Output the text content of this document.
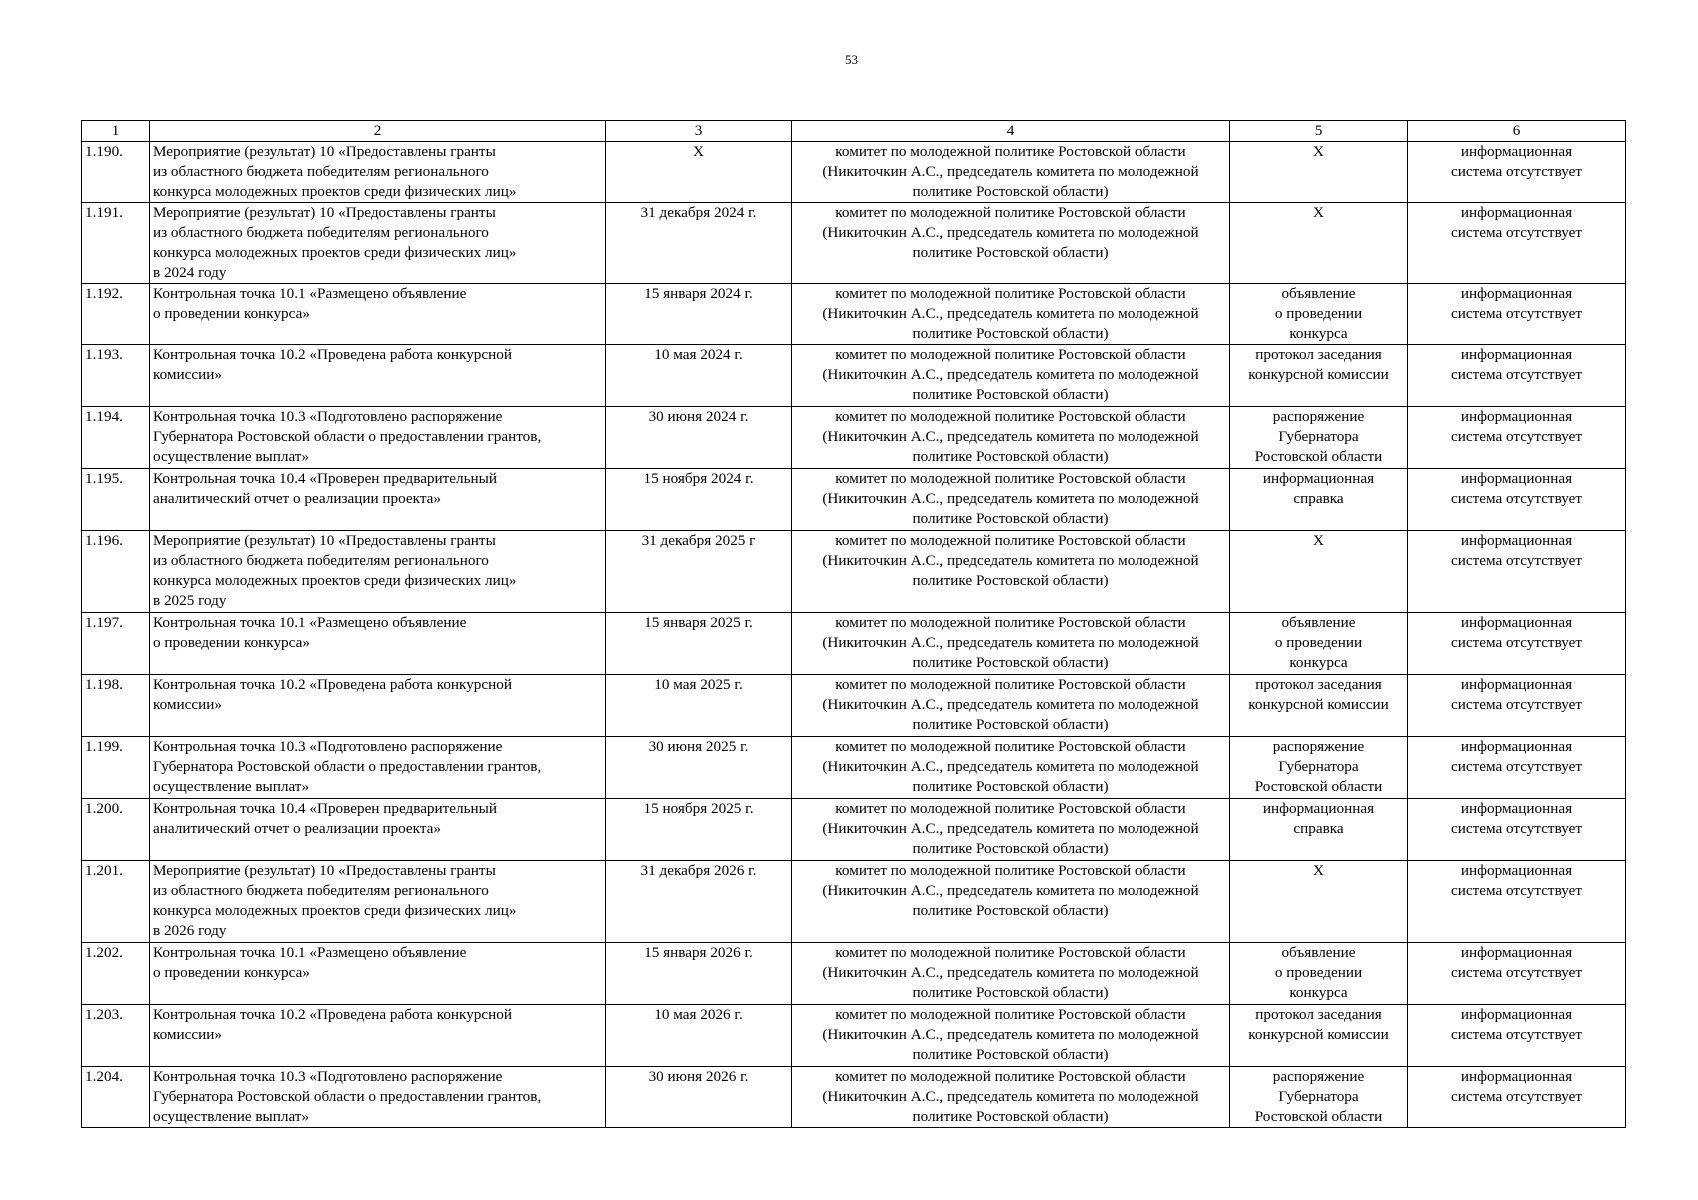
53
1	2	3	4	5	6
1.190.	Мероприятие (результат) 10 «Предоставлены гранты
из областного бюджета победителям регионального
конкурса молодежных проектов среди физических лиц»	Х	комитет по молодежной политике Ростовской области
(Никиточкин А.С., председатель комитета по молодежной
политике Ростовской области)	Х	информационная
система отсутствует
1.191.	Мероприятие (результат) 10 «Предоставлены гранты
из областного бюджета победителям регионального
конкурса молодежных проектов среди физических лиц»
в 2024 году	31 декабря 2024 г.	комитет по молодежной политике Ростовской области
(Никиточкин А.С., председатель комитета по молодежной
политике Ростовской области)	Х	информационная
система отсутствует
1.192.	Контрольная точка 10.1 «Размещено объявление
о проведении конкурса»	15 января 2024 г.	комитет по молодежной политике Ростовской области
(Никиточкин А.С., председатель комитета по молодежной
политике Ростовской области)	объявление
о проведении
конкурса	информационная
система отсутствует
1.193.	Контрольная точка 10.2 «Проведена работа конкурсной
комиссии»	10 мая 2024 г.	комитет по молодежной политике Ростовской области
(Никиточкин А.С., председатель комитета по молодежной
политике Ростовской области)	протокол заседания
конкурсной комиссии	информационная
система отсутствует
1.194.	Контрольная точка 10.3 «Подготовлено распоряжение
Губернатора Ростовской области о предоставлении грантов,
осуществление выплат»	30 июня 2024 г.	комитет по молодежной политике Ростовской области
(Никиточкин А.С., председатель комитета по молодежной
политике Ростовской области)	распоряжение
Губернатора
Ростовской области	информационная
система отсутствует
1.195.	Контрольная точка 10.4 «Проверен предварительный
аналитический отчет о реализации проекта»	15 ноября 2024 г.	комитет по молодежной политике Ростовской области
(Никиточкин А.С., председатель комитета по молодежной
политике Ростовской области)	информационная
справка	информационная
система отсутствует
1.196.	Мероприятие (результат) 10 «Предоставлены гранты
из областного бюджета победителям регионального
конкурса молодежных проектов среди физических лиц»
в 2025 году	31 декабря 2025 г	комитет по молодежной политике Ростовской области
(Никиточкин А.С., председатель комитета по молодежной
политике Ростовской области)	Х	информационная
система отсутствует
1.197.	Контрольная точка 10.1 «Размещено объявление
о проведении конкурса»	15 января 2025 г.	комитет по молодежной политике Ростовской области
(Никиточкин А.С., председатель комитета по молодежной
политике Ростовской области)	объявление
о проведении
конкурса	информационная
система отсутствует
1.198.	Контрольная точка 10.2 «Проведена работа конкурсной
комиссии»	10 мая 2025 г.	комитет по молодежной политике Ростовской области
(Никиточкин А.С., председатель комитета по молодежной
политике Ростовской области)	протокол заседания
конкурсной комиссии	информационная
система отсутствует
1.199.	Контрольная точка 10.3 «Подготовлено распоряжение
Губернатора Ростовской области о предоставлении грантов,
осуществление выплат»	30 июня 2025 г.	комитет по молодежной политике Ростовской области
(Никиточкин А.С., председатель комитета по молодежной
политике Ростовской области)	распоряжение
Губернатора
Ростовской области	информационная
система отсутствует
1.200.	Контрольная точка 10.4 «Проверен предварительный
аналитический отчет о реализации проекта»	15 ноября 2025 г.	комитет по молодежной политике Ростовской области
(Никиточкин А.С., председатель комитета по молодежной
политике Ростовской области)	информационная
справка	информационная
система отсутствует
1.201.	Мероприятие (результат) 10 «Предоставлены гранты
из областного бюджета победителям регионального
конкурса молодежных проектов среди физических лиц»
в 2026 году	31 декабря 2026 г.	комитет по молодежной политике Ростовской области
(Никиточкин А.С., председатель комитета по молодежной
политике Ростовской области)	Х	информационная
система отсутствует
1.202.	Контрольная точка 10.1 «Размещено объявление
о проведении конкурса»	15 января 2026 г.	комитет по молодежной политике Ростовской области
(Никиточкин А.С., председатель комитета по молодежной
политике Ростовской области)	объявление
о проведении
конкурса	информационная
система отсутствует
1.203.	Контрольная точка 10.2 «Проведена работа конкурсной
комиссии»	10 мая 2026 г.	комитет по молодежной политике Ростовской области
(Никиточкин А.С., председатель комитета по молодежной
политике Ростовской области)	протокол заседания
конкурсной комиссии	информационная
система отсутствует
1.204.	Контрольная точка 10.3 «Подготовлено распоряжение
Губернатора Ростовской области о предоставлении грантов,
осуществление выплат»	30 июня 2026 г.	комитет по молодежной политике Ростовской области
(Никиточкин А.С., председатель комитета по молодежной
политике Ростовской области)	распоряжение
Губернатора
Ростовской области	информационная
система отсутствует
